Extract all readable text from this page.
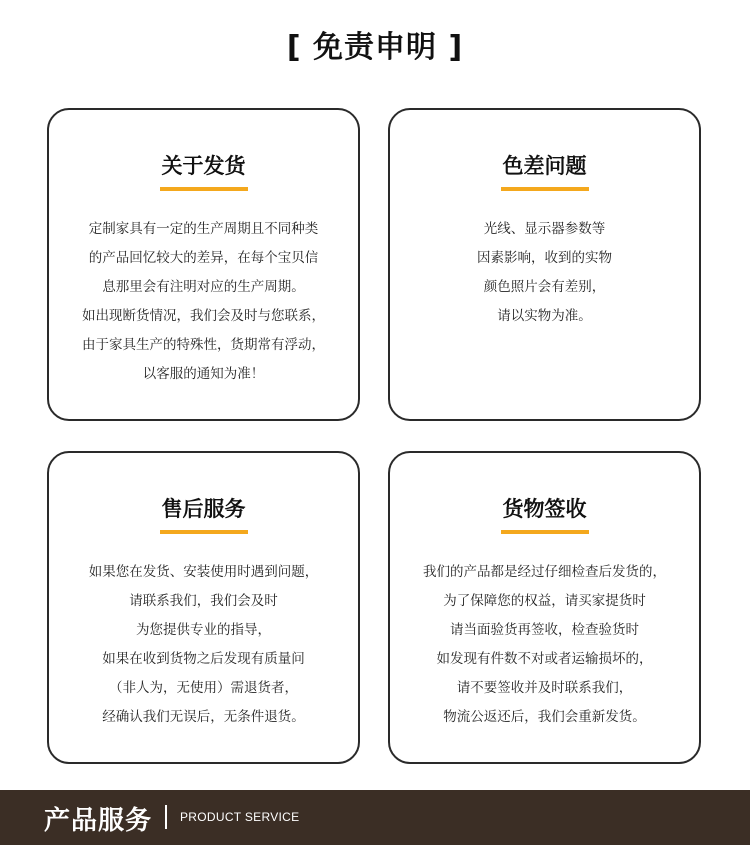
[ 免责申明 ]
关于发货
定制家具有一定的生产周期且不同种类
的产品回忆较大的差异，在每个宝贝信
息那里会有注明对应的生产周期。
如出现断货情况，我们会及时与您联系，
由于家具生产的特殊性，货期常有浮动，
以客服的通知为准！
色差问题
光线、显示器参数等
因素影响，收到的实物
颜色照片会有差别，
请以实物为准。
售后服务
如果您在发货、安装使用时遇到问题，
请联系我们，我们会及时
为您提供专业的指导，
如果在收到货物之后发现有质量问
（非人为，无使用）需退货者，
经确认我们无误后，无条件退货。
货物签收
我们的产品都是经过仔细检查后发货的，
为了保障您的权益，请买家提货时
请当面验货再签收，检查验货时
如发现有件数不对或者运输损坏的，
请不要签收并及时联系我们，
物流公返还后，我们会重新发货。
产品服务 PRODUCT SERVICE
